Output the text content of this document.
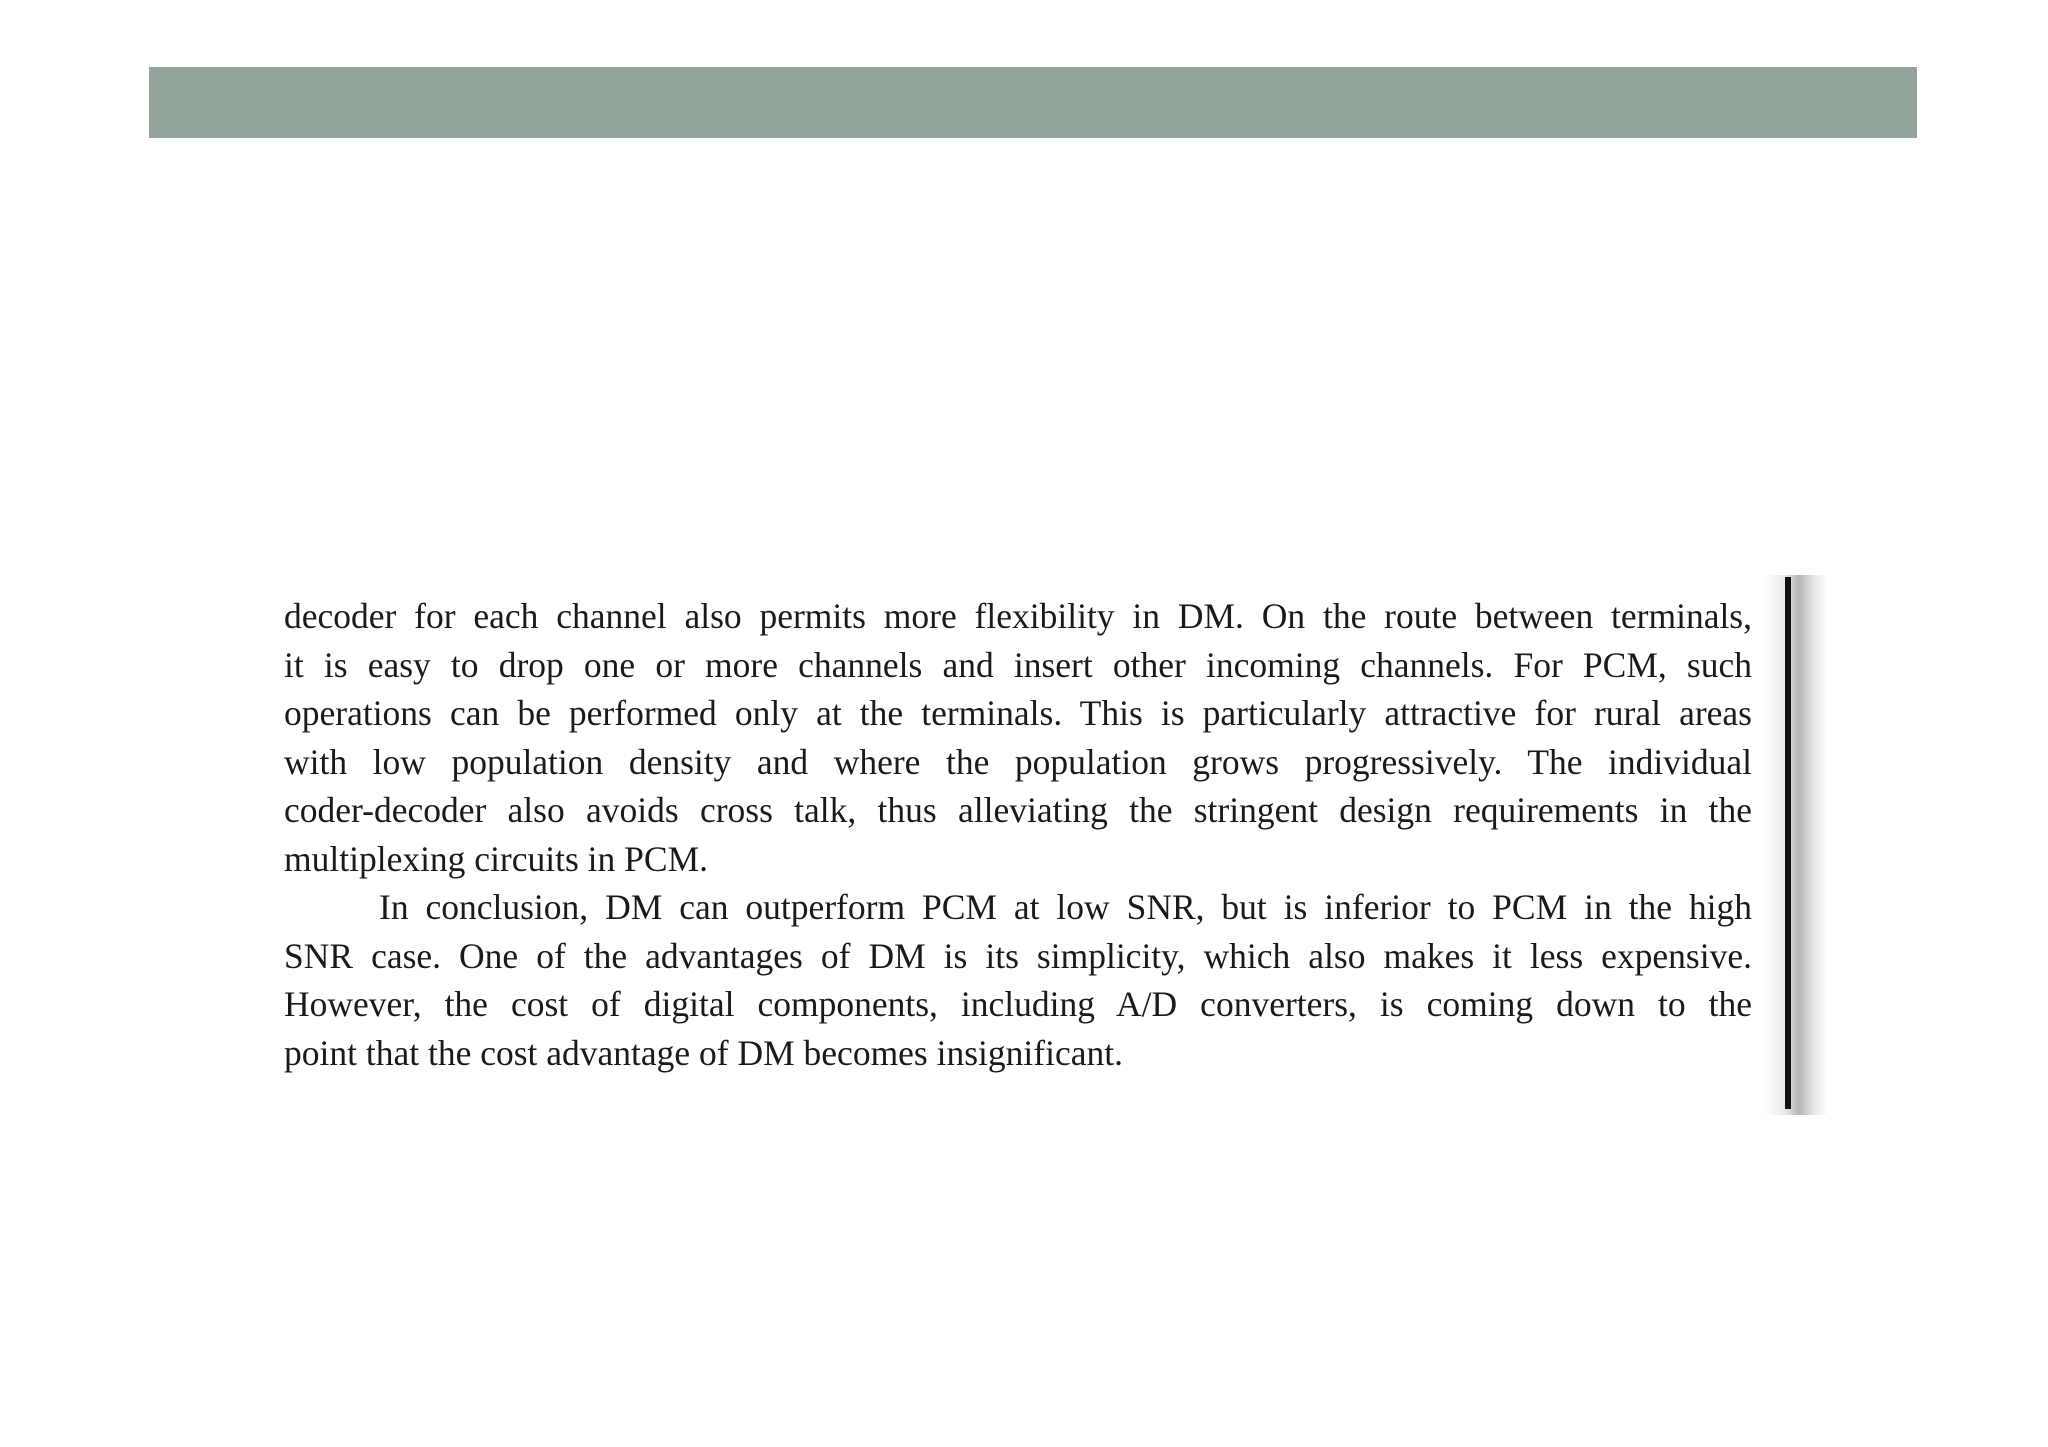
decoder for each channel also permits more flexibility in DM. On the route between terminals,
it is easy to drop one or more channels and insert other incoming channels. For PCM, such
operations can be performed only at the terminals. This is particularly attractive for rural areas
with low population density and where the population grows progressively. The individual
coder-decoder also avoids cross talk, thus alleviating the stringent design requirements in the
multiplexing circuits in PCM.
In conclusion, DM can outperform PCM at low SNR, but is inferior to PCM in the high
SNR case. One of the advantages of DM is its simplicity, which also makes it less expensive.
However, the cost of digital components, including A/D converters, is coming down to the
point that the cost advantage of DM becomes insignificant.
